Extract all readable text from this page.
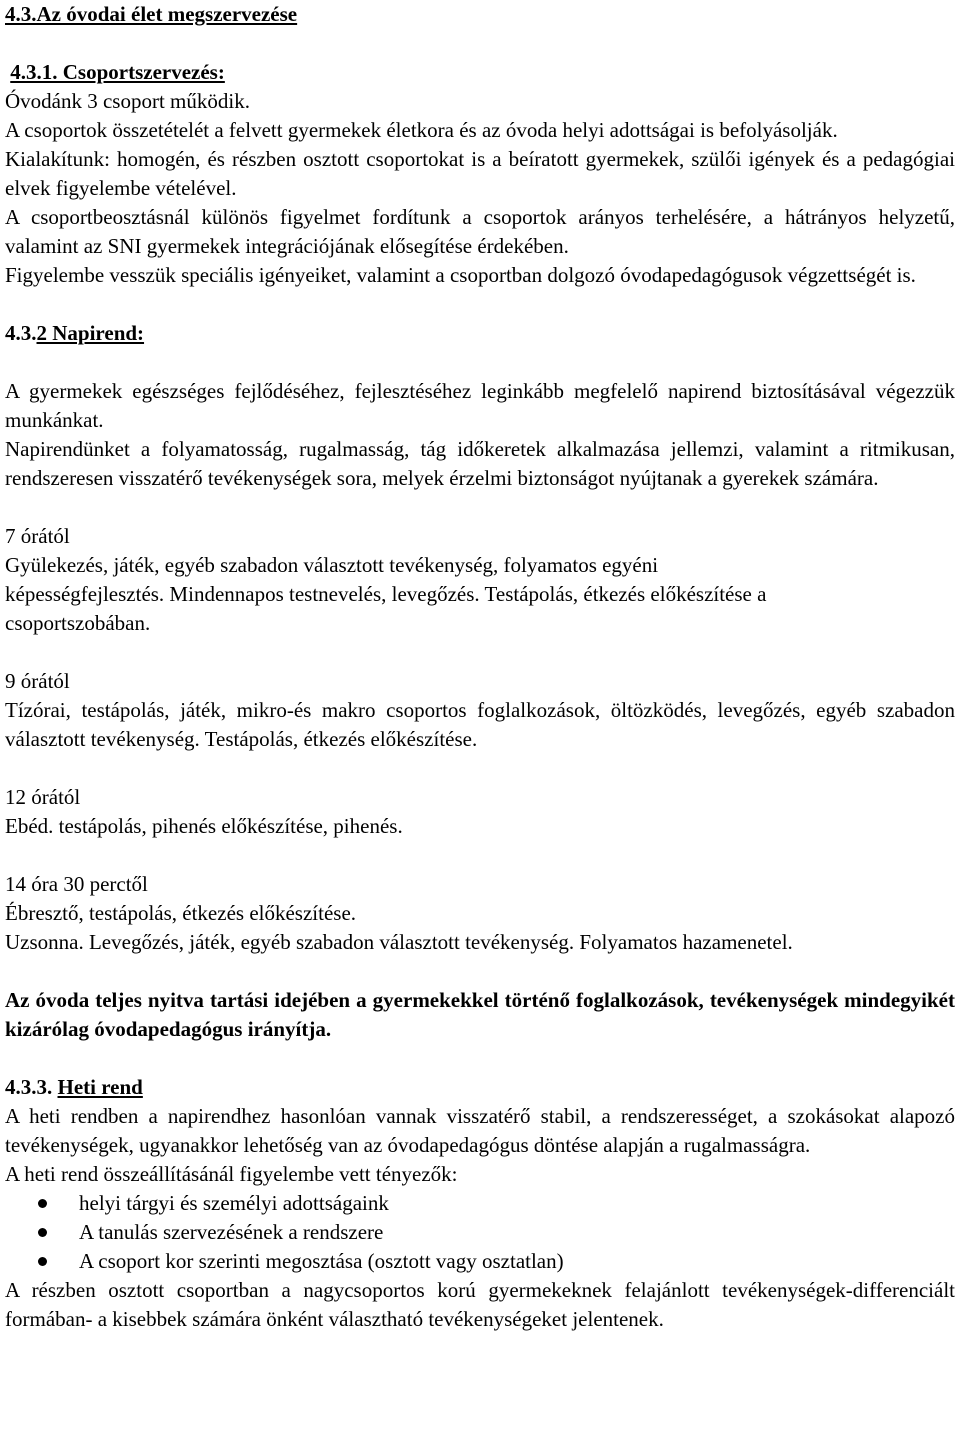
4.3.Az óvodai élet megszervezése

4.3.1. Csoportszervezés:

Óvodánk 3 csoport működik.

A csoportok összetételét a felvett gyermekek életkora és az óvoda helyi adottságai is befolyásolják.

Kialakítunk: homogén, és részben osztott csoportokat is a beíratott gyermekek, szülői igények és a pedagógiai elvek figyelembe vételével.

A csoportbeosztásnál különös figyelmet fordítunk a csoportok arányos terhelésére, a hátrányos helyzetű, valamint az SNI gyermekek integrációjának elősegítése érdekében.

Figyelembe vesszük speciális igényeiket, valamint a csoportban dolgozó óvodapedagógusok végzettségét is.

4.3.2 Napirend:

A gyermekek egészséges fejlődéséhez, fejlesztéséhez leginkább megfelelő napirend biztosításával végezzük munkánkat.

Napirendünket a folyamatosság, rugalmasság, tág időkeretek alkalmazása jellemzi, valamint a ritmikusan, rendszeresen visszatérő tevékenységek sora, melyek érzelmi biztonságot nyújtanak a gyerekek számára.

7 órától

Gyülekezés, játék, egyéb szabadon választott tevékenység, folyamatos egyéni

képességfejlesztés. Mindennapos testnevelés, levegőzés. Testápolás, étkezés előkészítése a

csoportszobában.

9 órától

Tízórai, testápolás, játék, mikro-és makro csoportos foglalkozások, öltözködés, levegőzés, egyéb szabadon választott tevékenység. Testápolás, étkezés előkészítése.

12 órától

Ebéd. testápolás, pihenés előkészítése, pihenés.

14 óra 30 perctől

Ébresztő, testápolás, étkezés előkészítése.

Uzsonna. Levegőzés, játék, egyéb szabadon választott tevékenység. Folyamatos hazamenetel.

Az óvoda teljes nyitva tartási idejében a gyermekekkel történő foglalkozások, tevékenységek mindegyikét kizárólag óvodapedagógus irányítja.

4.3.3. Heti rend

A heti rendben a napirendhez hasonlóan vannak visszatérő stabil, a rendszerességet, a szokásokat alapozó tevékenységek, ugyanakkor lehetőség van az óvodapedagógus döntése alapján a rugalmasságra.

A heti rend összeállításánál figyelembe vett tényezők:

helyi tárgyi és személyi adottságaink
A tanulás szervezésének a rendszere
A csoport kor szerinti megosztása (osztott vagy osztatlan)

A részben osztott csoportban a nagycsoportos korú gyermekeknek felajánlott tevékenységek-differenciált formában- a kisebbek számára önként választható tevékenységeket jelentenek.
